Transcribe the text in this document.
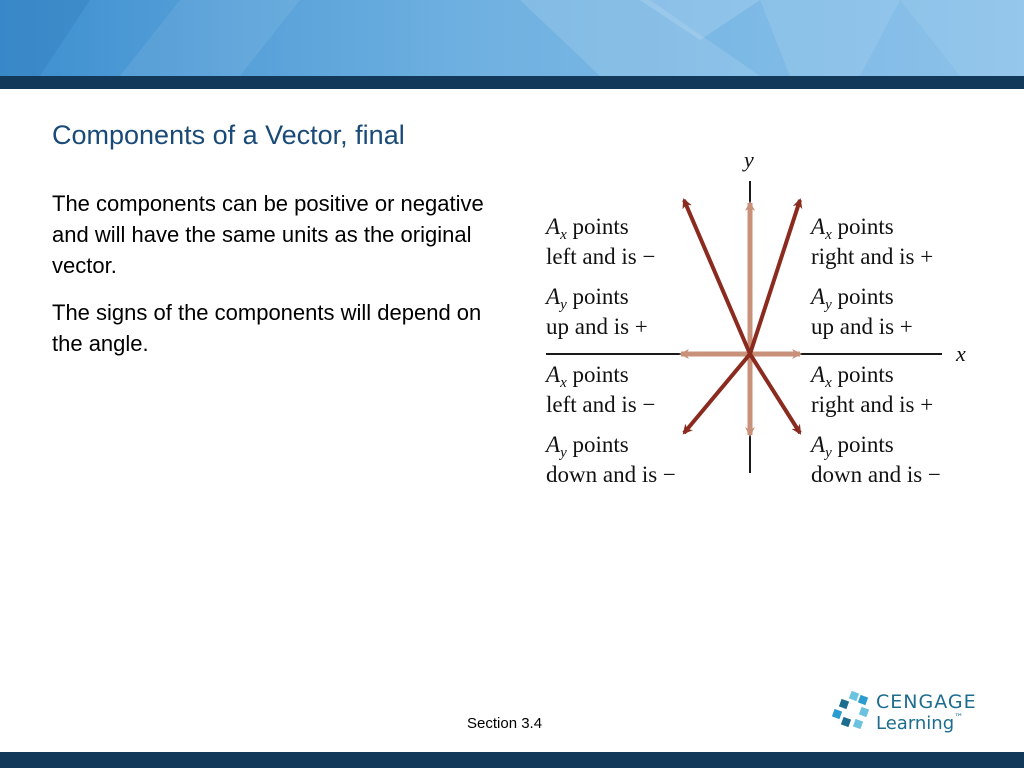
Components of a Vector, final

The components can be positive or negative and will have the same units as the original vector.

The signs of the components will depend on the angle.

y
x
$A_x$ points
left and is −
$A_y$ points
up and is +
$A_x$ points
right and is +
$A_y$ points
up and is +
$A_x$ points
left and is −
$A_y$ points
down and is −
$A_x$ points
right and is +
$A_y$ points
down and is −
Section 3.4
CENGAGE
Learning™
